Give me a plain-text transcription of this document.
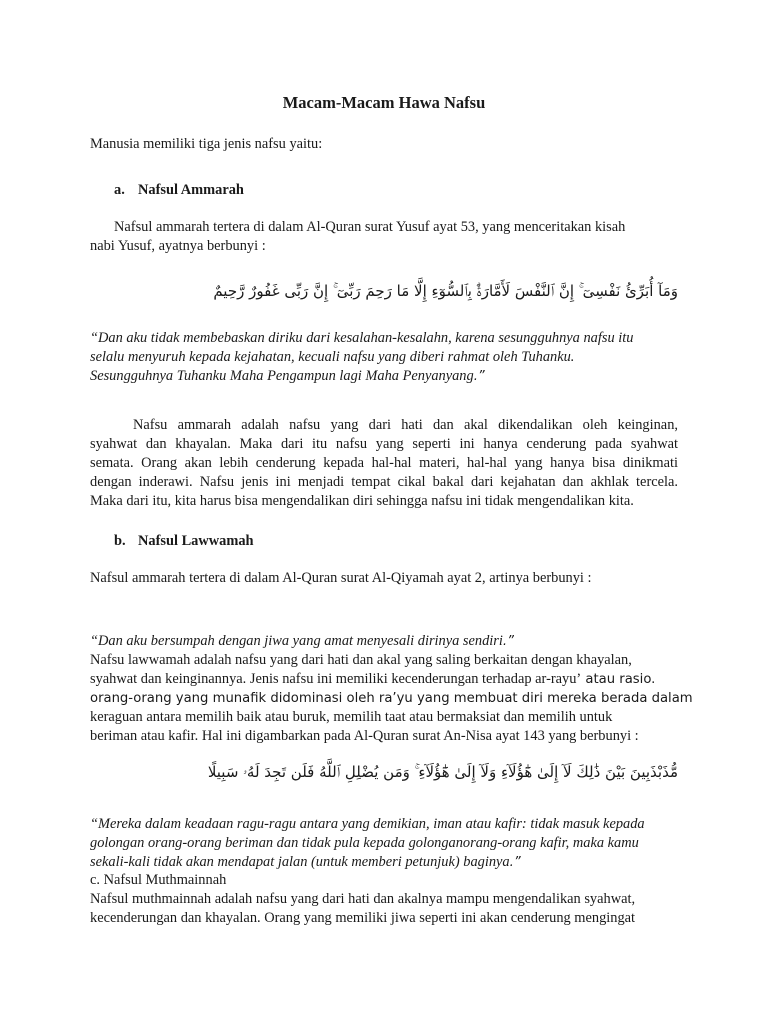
Macam-Macam Hawa Nafsu
Manusia memiliki tiga jenis nafsu yaitu:
a. Nafsul Ammarah
Nafsul ammarah tertera di dalam Al-Quran surat Yusuf ayat 53, yang menceritakan kisah
nabi Yusuf, ayatnya berbunyi :
وَمَآ أُبَرِّئُ نَفْسِىٓ ۚ إِنَّ ٱلنَّفْسَ لَأَمَّارَةٌۢ بِٱلسُّوٓءِ إِلَّا مَا رَحِمَ رَبِّىٓ ۚ إِنَّ رَبِّى غَفُورٌ رَّحِيمٌ
“Dan aku tidak membebaskan diriku dari kesalahan-kesalahn, karena sesungguhnya nafsu itu
selalu menyuruh kepada kejahatan, kecuali nafsu yang diberi rahmat oleh Tuhanku.
Sesungguhnya Tuhanku Maha Pengampun lagi Maha Penyanyang.”
Nafsu ammarah adalah nafsu yang dari hati dan akal dikendalikan oleh keinginan,
syahwat dan khayalan. Maka dari itu nafsu yang seperti ini hanya cenderung pada syahwat
semata. Orang akan lebih cenderung kepada hal-hal materi, hal-hal yang hanya bisa dinikmati
dengan inderawi. Nafsu jenis ini menjadi tempat cikal bakal dari kejahatan dan akhlak tercela.
Maka dari itu, kita harus bisa mengendalikan diri sehingga nafsu ini tidak mengendalikan kita.
b. Nafsul Lawwamah
Nafsul ammarah tertera di dalam Al-Quran surat Al-Qiyamah ayat 2, artinya berbunyi :
“Dan aku bersumpah dengan jiwa yang amat menyesali dirinya sendiri.”
Nafsu lawwamah adalah nafsu yang dari hati dan akal yang saling berkaitan dengan khayalan,
syahwat dan keinginannya. Jenis nafsu ini memiliki kecenderungan terhadap ar-rayu’ atau rasio.
orang-orang yang munafik didominasi oleh ra’yu yang membuat diri mereka berada dalam
keraguan antara memilih baik atau buruk, memilih taat atau bermaksiat dan memilih untuk
beriman atau kafir. Hal ini digambarkan pada Al-Quran surat An-Nisa ayat 143 yang berbunyi :
مُّذَبْذَبِينَ بَيْنَ ذَٰلِكَ لَآ إِلَىٰ هَٰٓؤُلَآءِ وَلَآ إِلَىٰ هَٰٓؤُلَآءِ ۚ وَمَن يُضْلِلِ ٱللَّهُ فَلَن تَجِدَ لَهُۥ سَبِيلًا
“Mereka dalam keadaan ragu-ragu antara yang demikian, iman atau kafir: tidak masuk kepada
golongan orang-orang beriman dan tidak pula kepada golonganorang-orang kafir, maka kamu
sekali-kali tidak akan mendapat jalan (untuk memberi petunjuk) baginya.”
c. Nafsul Muthmainnah
Nafsul muthmainnah adalah nafsu yang dari hati dan akalnya mampu mengendalikan syahwat,
kecenderungan dan khayalan. Orang yang memiliki jiwa seperti ini akan cenderung mengingat
